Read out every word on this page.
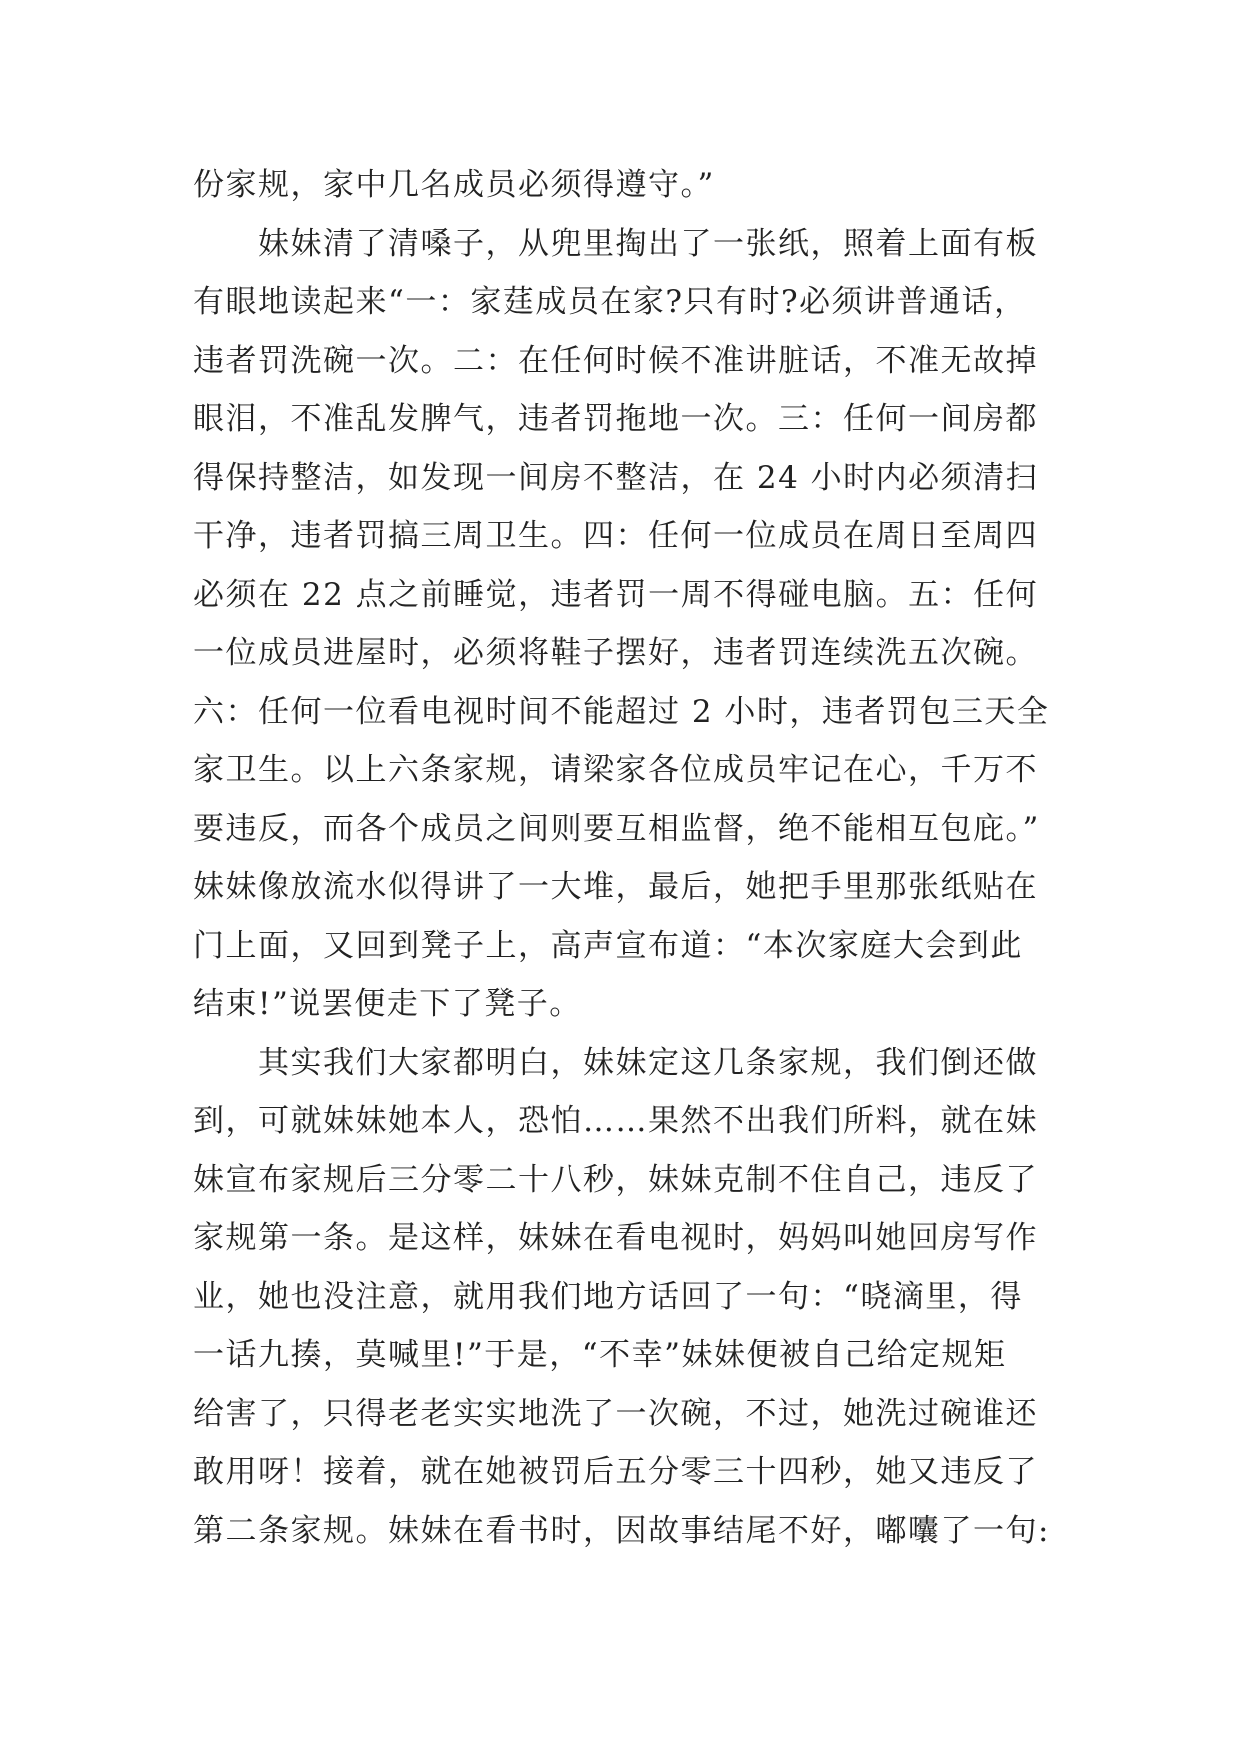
份家规，家中几名成员必须得遵守。”
　　妹妹清了清嗓子，从兜里掏出了一张纸，照着上面有板
有眼地读起来“一：家莛成员在家?只有时?必须讲普通话，
违者罚洗碗一次。二：在任何时候不准讲脏话，不准无故掉
眼泪，不准乱发脾气，违者罚拖地一次。三：任何一间房都
得保持整洁，如发现一间房不整洁，在 24 小时内必须清扫
干净，违者罚搞三周卫生。四：任何一位成员在周日至周四
必须在 22 点之前睡觉，违者罚一周不得碰电脑。五：任何
一位成员进屋时，必须将鞋子摆好，违者罚连续洗五次碗。
六：任何一位看电视时间不能超过 2 小时，违者罚包三天全
家卫生。以上六条家规，请梁家各位成员牢记在心，千万不
要违反，而各个成员之间则要互相监督，绝不能相互包庇。”
妹妹像放流水似得讲了一大堆，最后，她把手里那张纸贴在
门上面，又回到凳子上，高声宣布道：“本次家庭大会到此
结束!”说罢便走下了凳子。
　　其实我们大家都明白，妹妹定这几条家规，我们倒还做
到，可就妹妹她本人，恐怕……果然不出我们所料，就在妹
妹宣布家规后三分零二十八秒，妹妹克制不住自己，违反了
家规第一条。是这样，妹妹在看电视时，妈妈叫她回房写作
业，她也没注意，就用我们地方话回了一句：“晓滴里，得
一话九揍，莫喊里!”于是，“不幸”妹妹便被自己给定规矩
给害了，只得老老实实地洗了一次碗，不过，她洗过碗谁还
敢用呀！接着，就在她被罚后五分零三十四秒，她又违反了
第二条家规。妹妹在看书时，因故事结尾不好，嘟囔了一句:
